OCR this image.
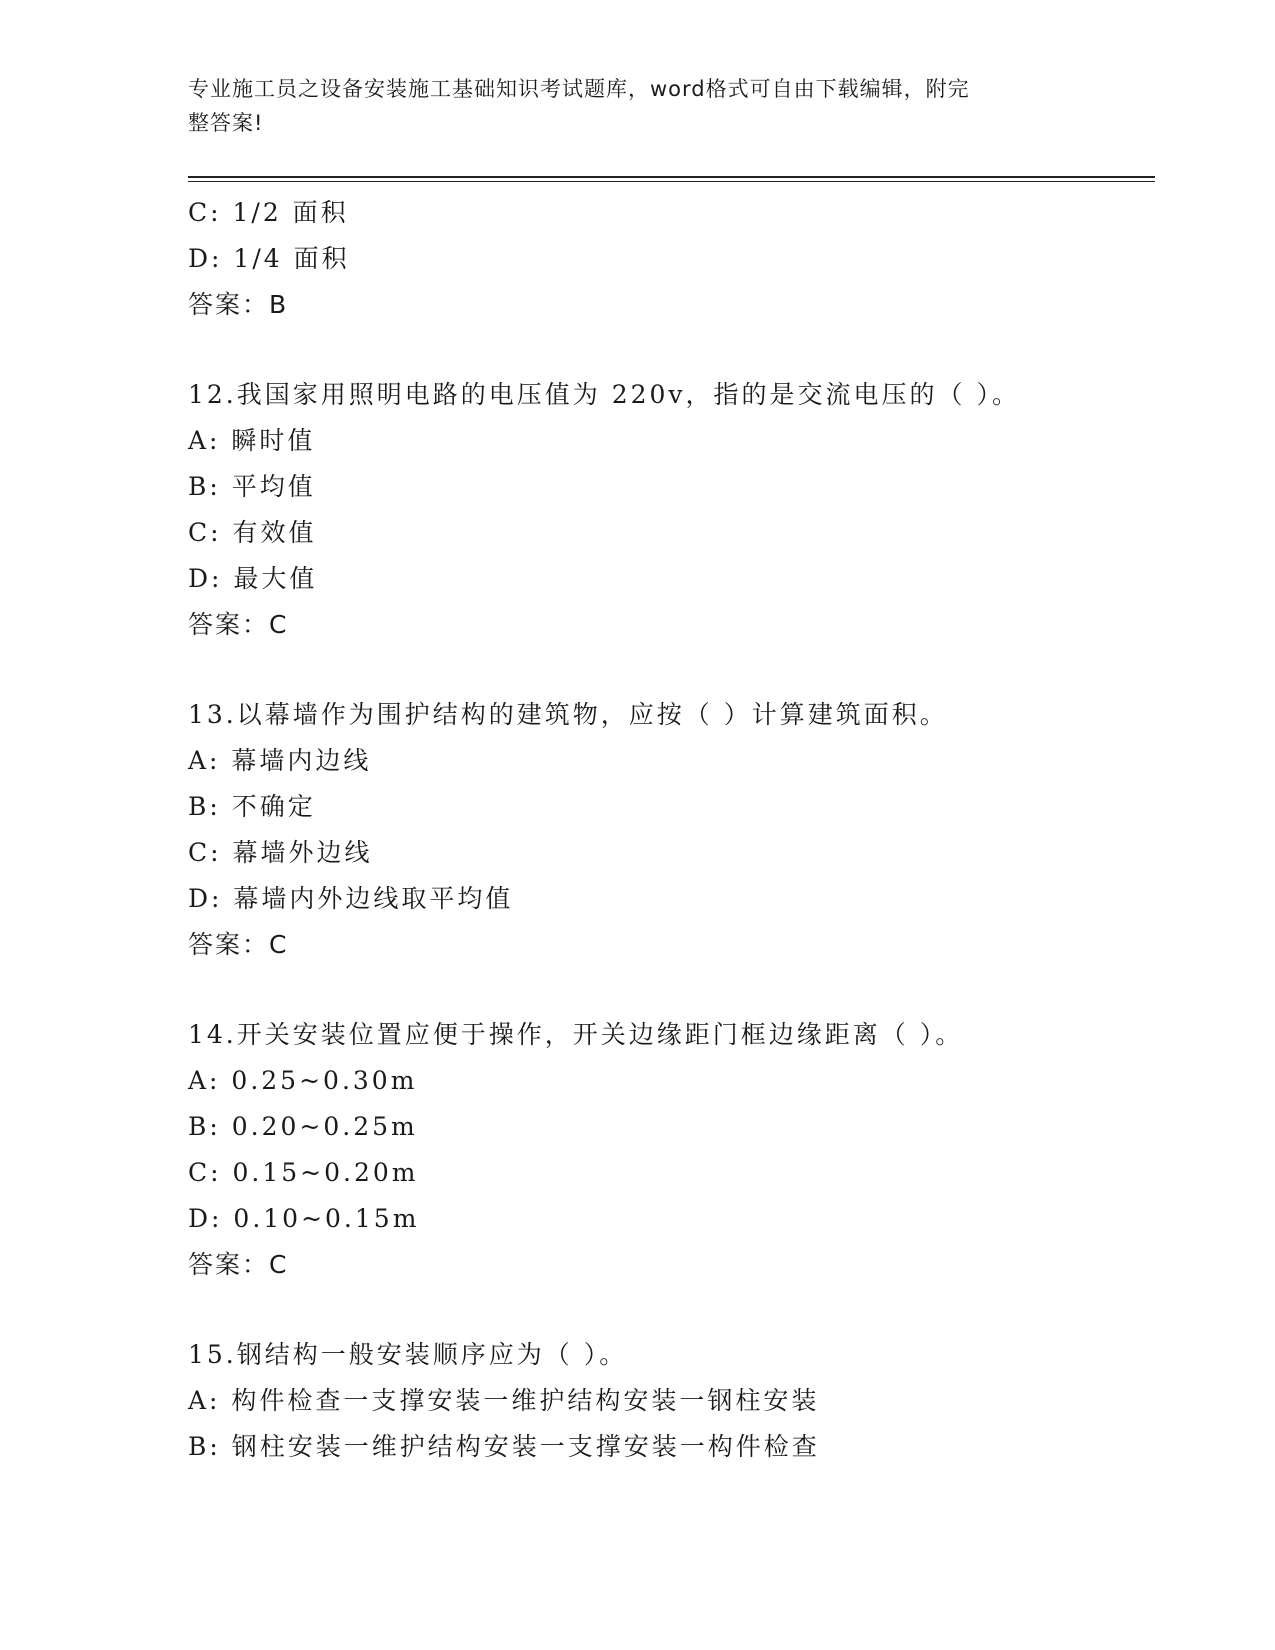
专业施工员之设备安装施工基础知识考试题库，word格式可自由下载编辑，附完
整答案!
C: 1/2 面积
D: 1/4 面积
答案：B
12.我国家用照明电路的电压值为 220v，指的是交流电压的（ ）。
A: 瞬时值
B: 平均值
C: 有效值
D: 最大值
答案：C
13.以幕墙作为围护结构的建筑物，应按（ ）计算建筑面积。
A: 幕墙内边线
B: 不确定
C: 幕墙外边线
D: 幕墙内外边线取平均值
答案：C
14.开关安装位置应便于操作，开关边缘距门框边缘距离（ ）。
A: 0.25~0.30m
B: 0.20~0.25m
C: 0.15~0.20m
D: 0.10~0.15m
答案：C
15.钢结构一般安装顺序应为（ ）。
A: 构件检查一支撑安装一维护结构安装一钢柱安装
B: 钢柱安装一维护结构安装一支撑安装一构件检查
